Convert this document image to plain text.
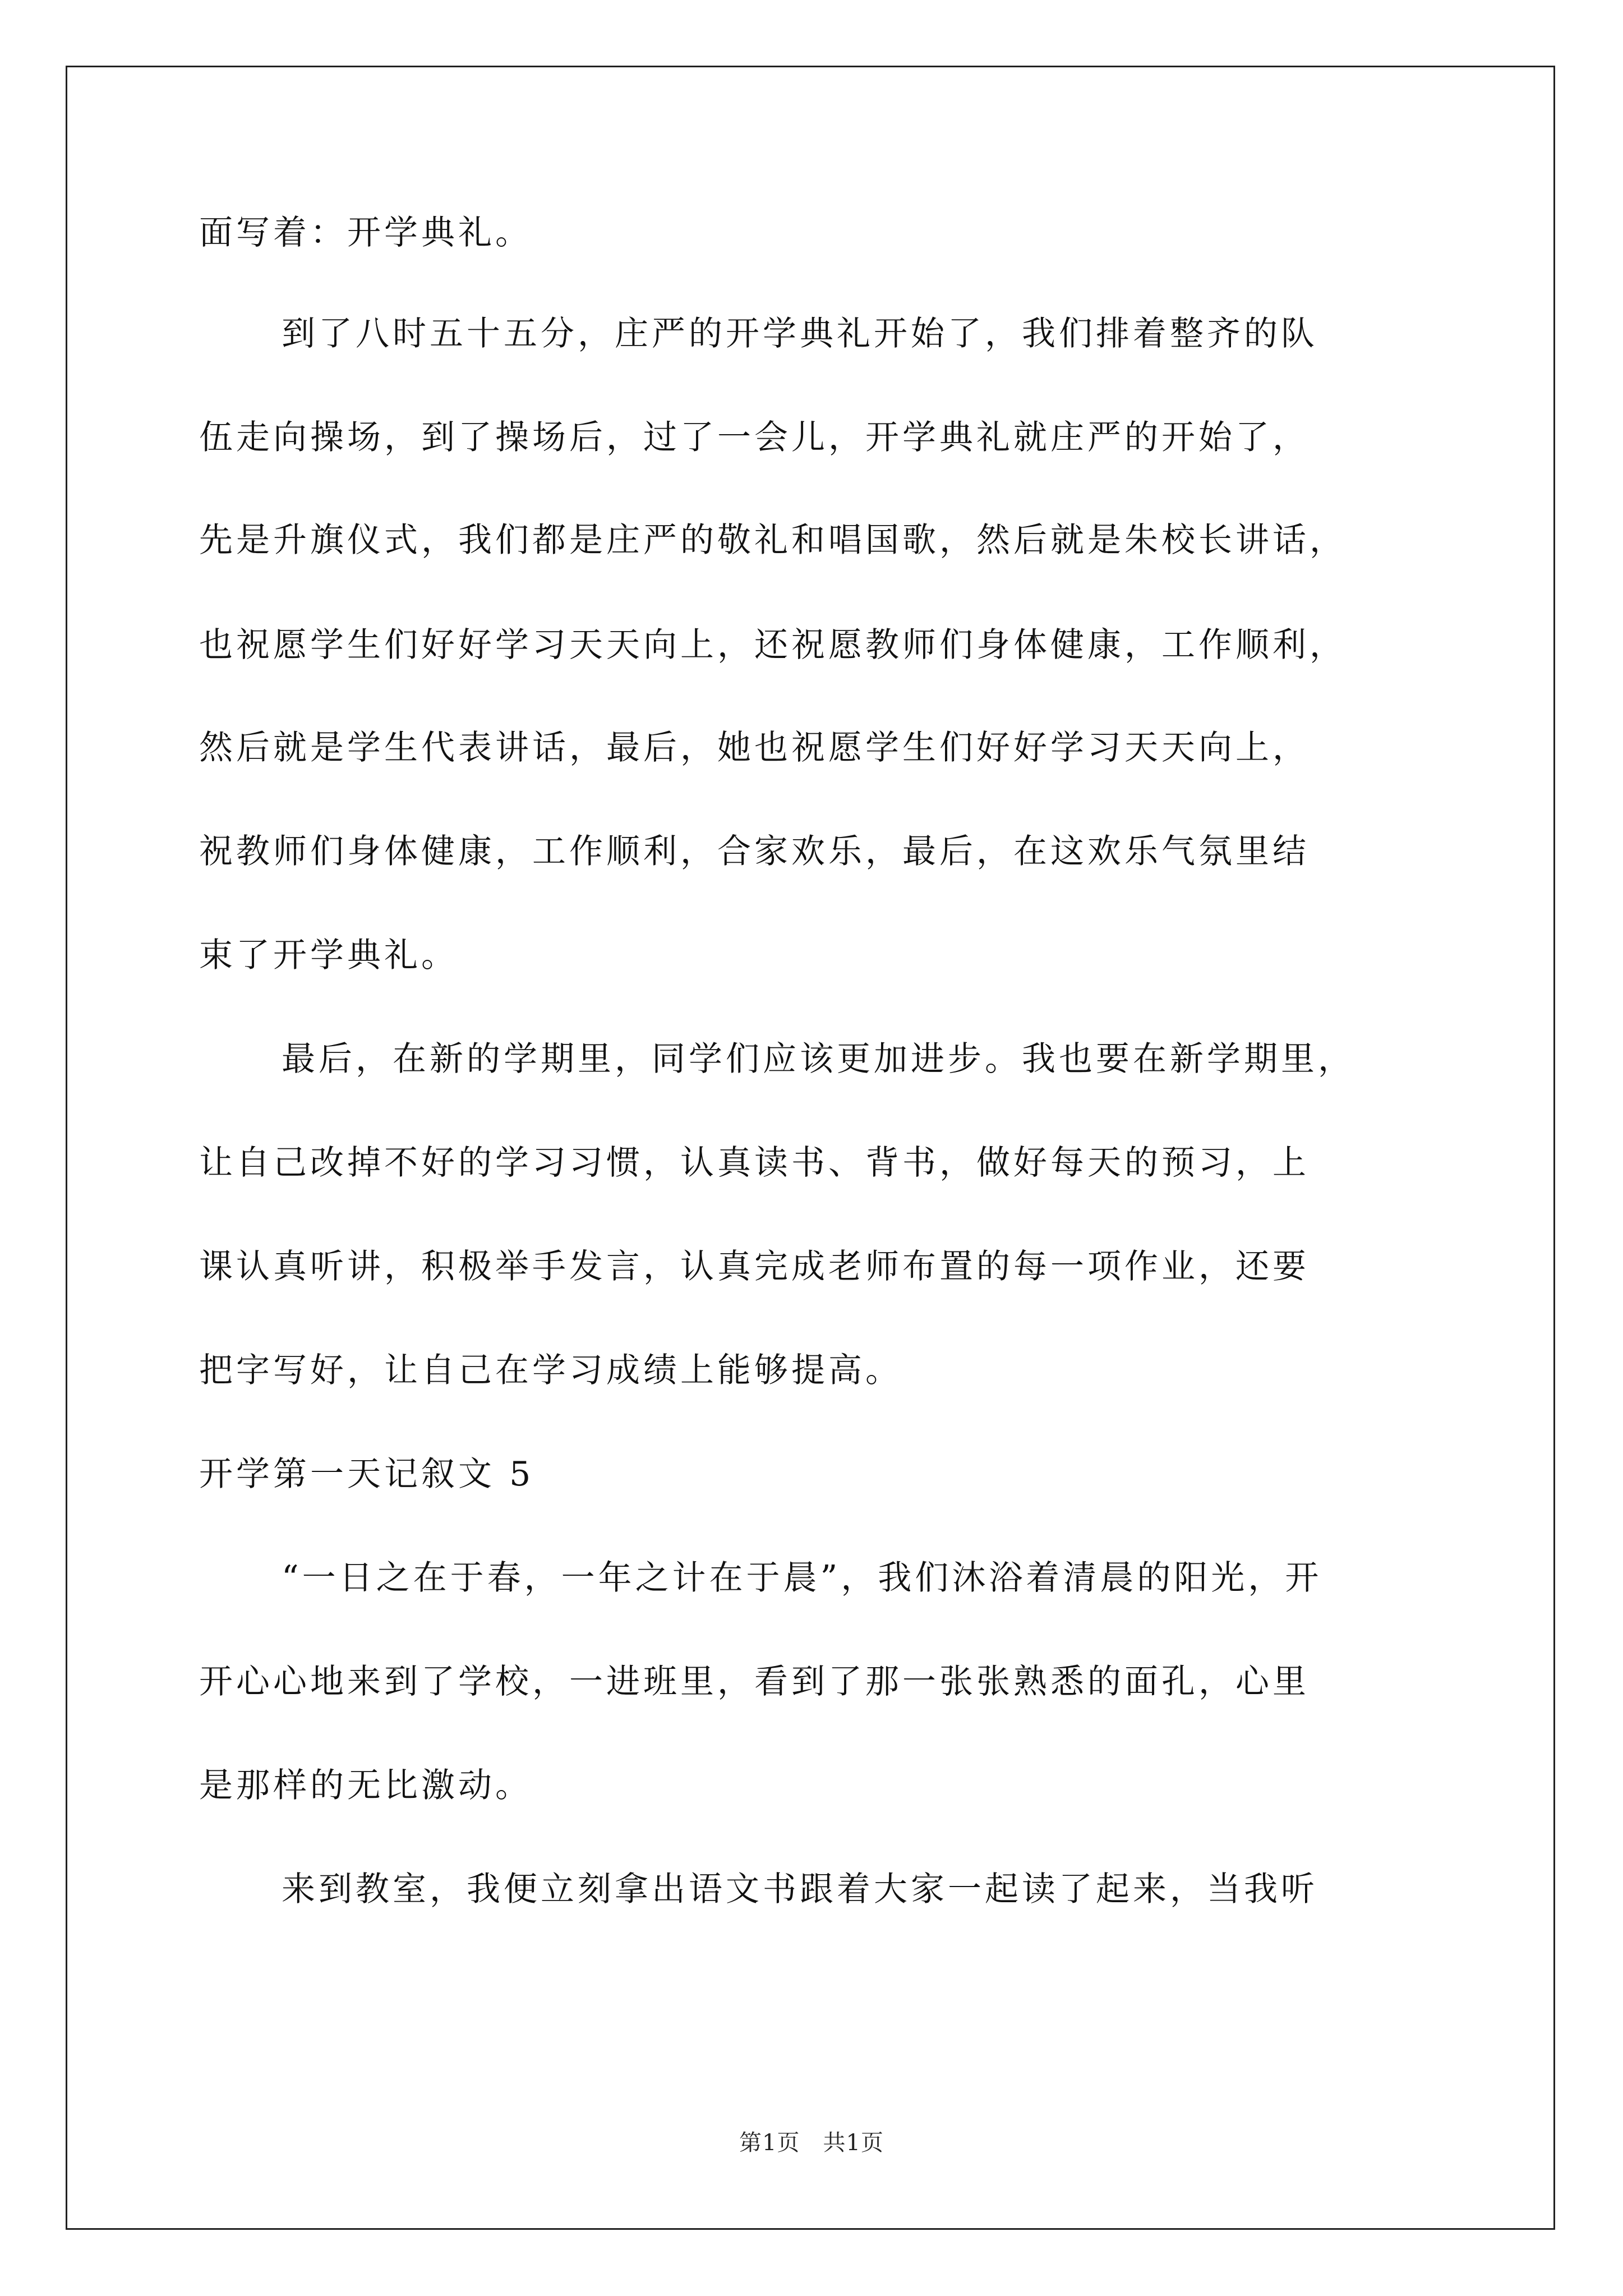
面写着：开学典礼。
到了八时五十五分，庄严的开学典礼开始了，我们排着整齐的队
伍走向操场，到了操场后，过了一会儿，开学典礼就庄严的开始了，
先是升旗仪式，我们都是庄严的敬礼和唱国歌，然后就是朱校长讲话，
也祝愿学生们好好学习天天向上，还祝愿教师们身体健康，工作顺利，
然后就是学生代表讲话，最后，她也祝愿学生们好好学习天天向上，
祝教师们身体健康，工作顺利，合家欢乐，最后，在这欢乐气氛里结
束了开学典礼。
最后，在新的学期里，同学们应该更加进步。我也要在新学期里，
让自己改掉不好的学习习惯，认真读书、背书，做好每天的预习，上
课认真听讲，积极举手发言，认真完成老师布置的每一项作业，还要
把字写好，让自己在学习成绩上能够提高。
开学第一天记叙文 5
“一日之在于春，一年之计在于晨”，我们沐浴着清晨的阳光，开
开心心地来到了学校，一进班里，看到了那一张张熟悉的面孔，心里
是那样的无比激动。
来到教室，我便立刻拿出语文书跟着大家一起读了起来，当我听
第1页　共1页
